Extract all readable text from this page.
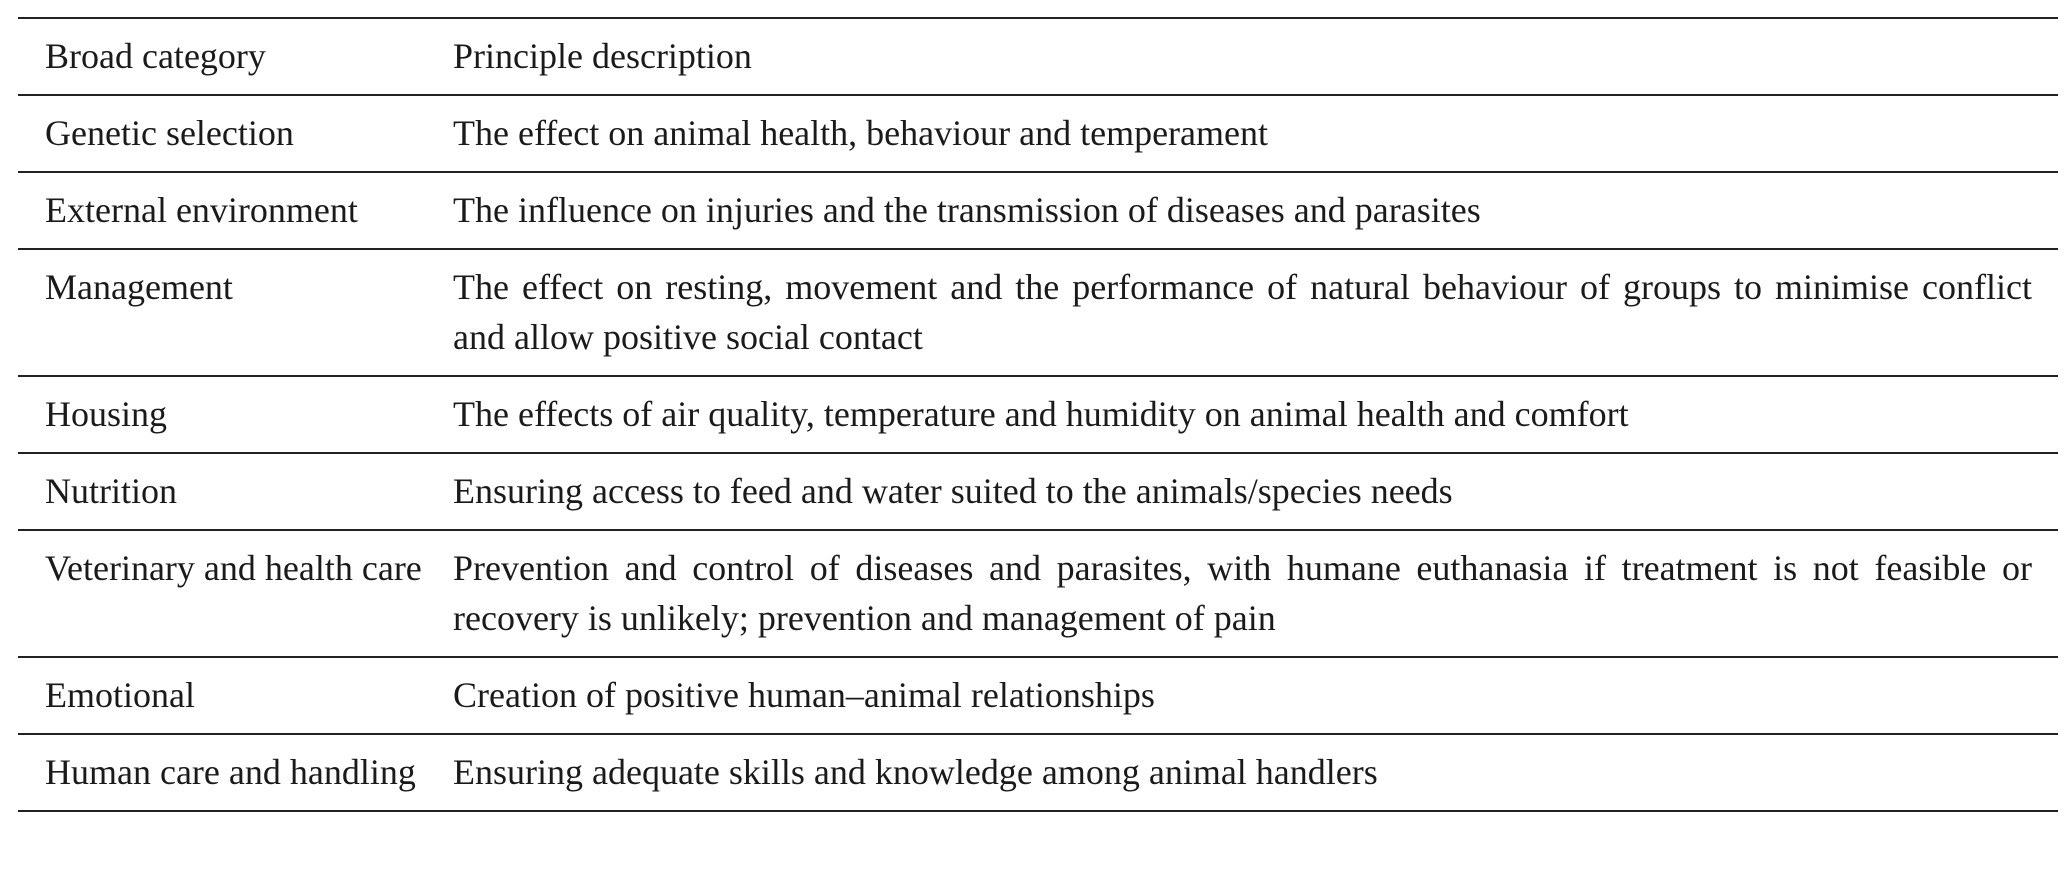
Broad category	Principle description
Genetic selection	The effect on animal health, behaviour and temperament
External environment	The influence on injuries and the transmission of diseases and parasites
Management	The effect on resting, movement and the performance of natural behaviour of groups to minimise conflict and allow positive social contact
Housing	The effects of air quality, temperature and humidity on animal health and comfort
Nutrition	Ensuring access to feed and water suited to the animals/species needs
Veterinary and health care	Prevention and control of diseases and parasites, with humane euthanasia if treatment is not feasible or recovery is unlikely; prevention and management of pain
Emotional	Creation of positive human–animal relationships
Human care and handling	Ensuring adequate skills and knowledge among animal handlers
